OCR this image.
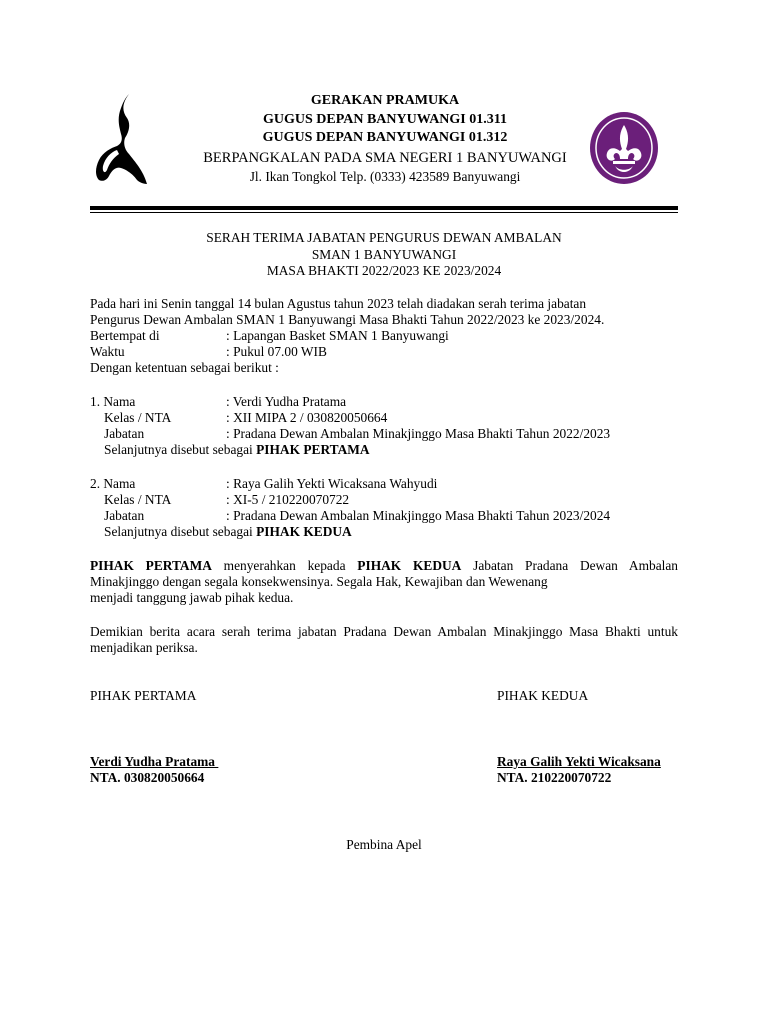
GERAKAN PRAMUKA
GUGUS DEPAN BANYUWANGI 01.311
GUGUS DEPAN BANYUWANGI 01.312
BERPANGKALAN PADA SMA NEGERI 1 BANYUWANGI
Jl. Ikan Tongkol Telp. (0333) 423589 Banyuwangi
SERAH TERIMA JABATAN PENGURUS DEWAN AMBALAN
SMAN 1 BANYUWANGI
MASA BHAKTI 2022/2023 KE 2023/2024
Pada hari ini Senin tanggal 14 bulan Agustus tahun 2023 telah diadakan serah terima jabatan
Pengurus Dewan Ambalan SMAN 1 Banyuwangi Masa Bhakti Tahun 2022/2023 ke 2023/2024.
Bertempat di	: Lapangan Basket SMAN 1 Banyuwangi
Waktu	: Pukul 07.00 WIB
Dengan ketentuan sebagai berikut :
1. Nama	: Verdi Yudha Pratama
Kelas / NTA	: XII MIPA 2 / 030820050664
Jabatan	: Pradana Dewan Ambalan Minakjinggo Masa Bhakti Tahun 2022/2023
Selanjutnya disebut sebagai PIHAK PERTAMA
2. Nama	: Raya Galih Yekti Wicaksana Wahyudi
Kelas / NTA	: XI-5 / 210220070722
Jabatan	: Pradana Dewan Ambalan Minakjinggo Masa Bhakti Tahun 2023/2024
Selanjutnya disebut sebagai PIHAK KEDUA
PIHAK PERTAMA menyerahkan kepada PIHAK KEDUA Jabatan Pradana Dewan Ambalan
Minakjinggo dengan segala konsekwensinya. Segala Hak, Kewajiban dan Wewenang
menjadi tanggung jawab pihak kedua.
Demikian berita acara serah terima jabatan Pradana Dewan Ambalan Minakjinggo Masa Bhakti untuk
menjadikan periksa.
PIHAK PERTAMA	PIHAK KEDUA
Verdi Yudha Pratama
NTA. 030820050664
Raya Galih Yekti Wicaksana
NTA. 210220070722
Pembina Apel
